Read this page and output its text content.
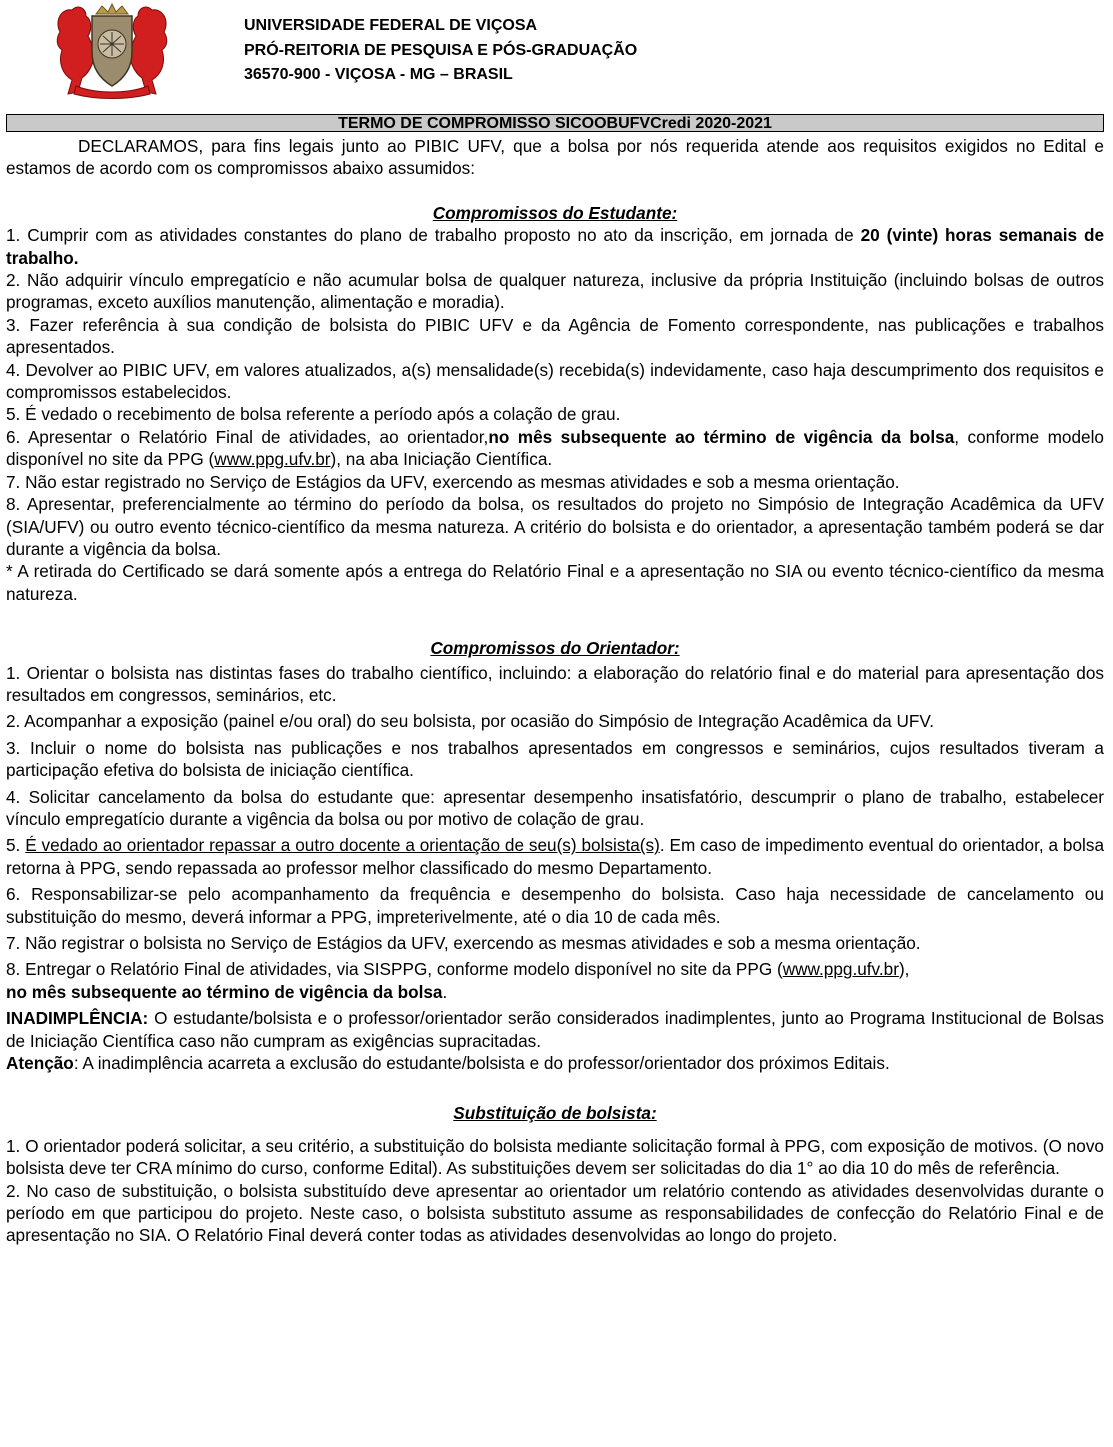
UNIVERSIDADE FEDERAL DE VIÇOSA
PRÓ-REITORIA DE PESQUISA E PÓS-GRADUAÇÃO
36570-900 - VIÇOSA - MG – BRASIL
TERMO DE COMPROMISSO SICOOBUFVCredi 2020-2021

DECLARAMOS, para fins legais junto ao PIBIC UFV, que a bolsa por nós requerida atende aos requisitos exigidos no Edital e estamos de acordo com os compromissos abaixo assumidos:

Compromissos do Estudante:

1. Cumprir com as atividades constantes do plano de trabalho proposto no ato da inscrição, em jornada de 20 (vinte) horas semanais de trabalho.

2. Não adquirir vínculo empregatício e não acumular bolsa de qualquer natureza, inclusive da própria Instituição (incluindo bolsas de outros programas, exceto auxílios manutenção, alimentação e moradia).

3. Fazer referência à sua condição de bolsista do PIBIC UFV e da Agência de Fomento correspondente, nas publicações e trabalhos apresentados.

4. Devolver ao PIBIC UFV, em valores atualizados, a(s) mensalidade(s) recebida(s) indevidamente, caso haja descumprimento dos requisitos e compromissos estabelecidos.

5. É vedado o recebimento de bolsa referente a período após a colação de grau.

6. Apresentar o Relatório Final de atividades, ao orientador,no mês subsequente ao término de vigência da bolsa, conforme modelo disponível no site da PPG (www.ppg.ufv.br), na aba Iniciação Científica.

7. Não estar registrado no Serviço de Estágios da UFV, exercendo as mesmas atividades e sob a mesma orientação.

8. Apresentar, preferencialmente ao término do período da bolsa, os resultados do projeto no Simpósio de Integração Acadêmica da UFV (SIA/UFV) ou outro evento técnico-científico da mesma natureza. A critério do bolsista e do orientador, a apresentação também poderá se dar durante a vigência da bolsa.

* A retirada do Certificado se dará somente após a entrega do Relatório Final e a apresentação no SIA ou evento técnico-científico da mesma natureza.

Compromissos do Orientador:

1. Orientar o bolsista nas distintas fases do trabalho científico, incluindo: a elaboração do relatório final e do material para apresentação dos resultados em congressos, seminários, etc.

2. Acompanhar a exposição (painel e/ou oral) do seu bolsista, por ocasião do Simpósio de Integração Acadêmica da UFV.

3. Incluir o nome do bolsista nas publicações e nos trabalhos apresentados em congressos e seminários, cujos resultados tiveram a participação efetiva do bolsista de iniciação científica.

4. Solicitar cancelamento da bolsa do estudante que: apresentar desempenho insatisfatório, descumprir o plano de trabalho, estabelecer vínculo empregatício durante a vigência da bolsa ou por motivo de colação de grau.

5. É vedado ao orientador repassar a outro docente a orientação de seu(s) bolsista(s). Em caso de impedimento eventual do orientador, a bolsa retorna à PPG, sendo repassada ao professor melhor classificado do mesmo Departamento.

6. Responsabilizar-se pelo acompanhamento da frequência e desempenho do bolsista. Caso haja necessidade de cancelamento ou substituição do mesmo, deverá informar a PPG, impreterivelmente, até o dia 10 de cada mês.

7. Não registrar o bolsista no Serviço de Estágios da UFV, exercendo as mesmas atividades e sob a mesma orientação.

8. Entregar o Relatório Final de atividades, via SISPPG, conforme modelo disponível no site da PPG (www.ppg.ufv.br),
no mês subsequente ao término de vigência da bolsa.

INADIMPLÊNCIA: O estudante/bolsista e o professor/orientador serão considerados inadimplentes, junto ao Programa Institucional de Bolsas de Iniciação Científica caso não cumpram as exigências supracitadas.

Atenção: A inadimplência acarreta a exclusão do estudante/bolsista e do professor/orientador dos próximos Editais.

Substituição de bolsista:

1. O orientador poderá solicitar, a seu critério, a substituição do bolsista mediante solicitação formal à PPG, com exposição de motivos. (O novo bolsista deve ter CRA mínimo do curso, conforme Edital). As substituições devem ser solicitadas do dia 1° ao dia 10 do mês de referência.

2. No caso de substituição, o bolsista substituído deve apresentar ao orientador um relatório contendo as atividades desenvolvidas durante o período em que participou do projeto. Neste caso, o bolsista substituto assume as responsabilidades de confecção do Relatório Final e de apresentação no SIA. O Relatório Final deverá conter todas as atividades desenvolvidas ao longo do projeto.
